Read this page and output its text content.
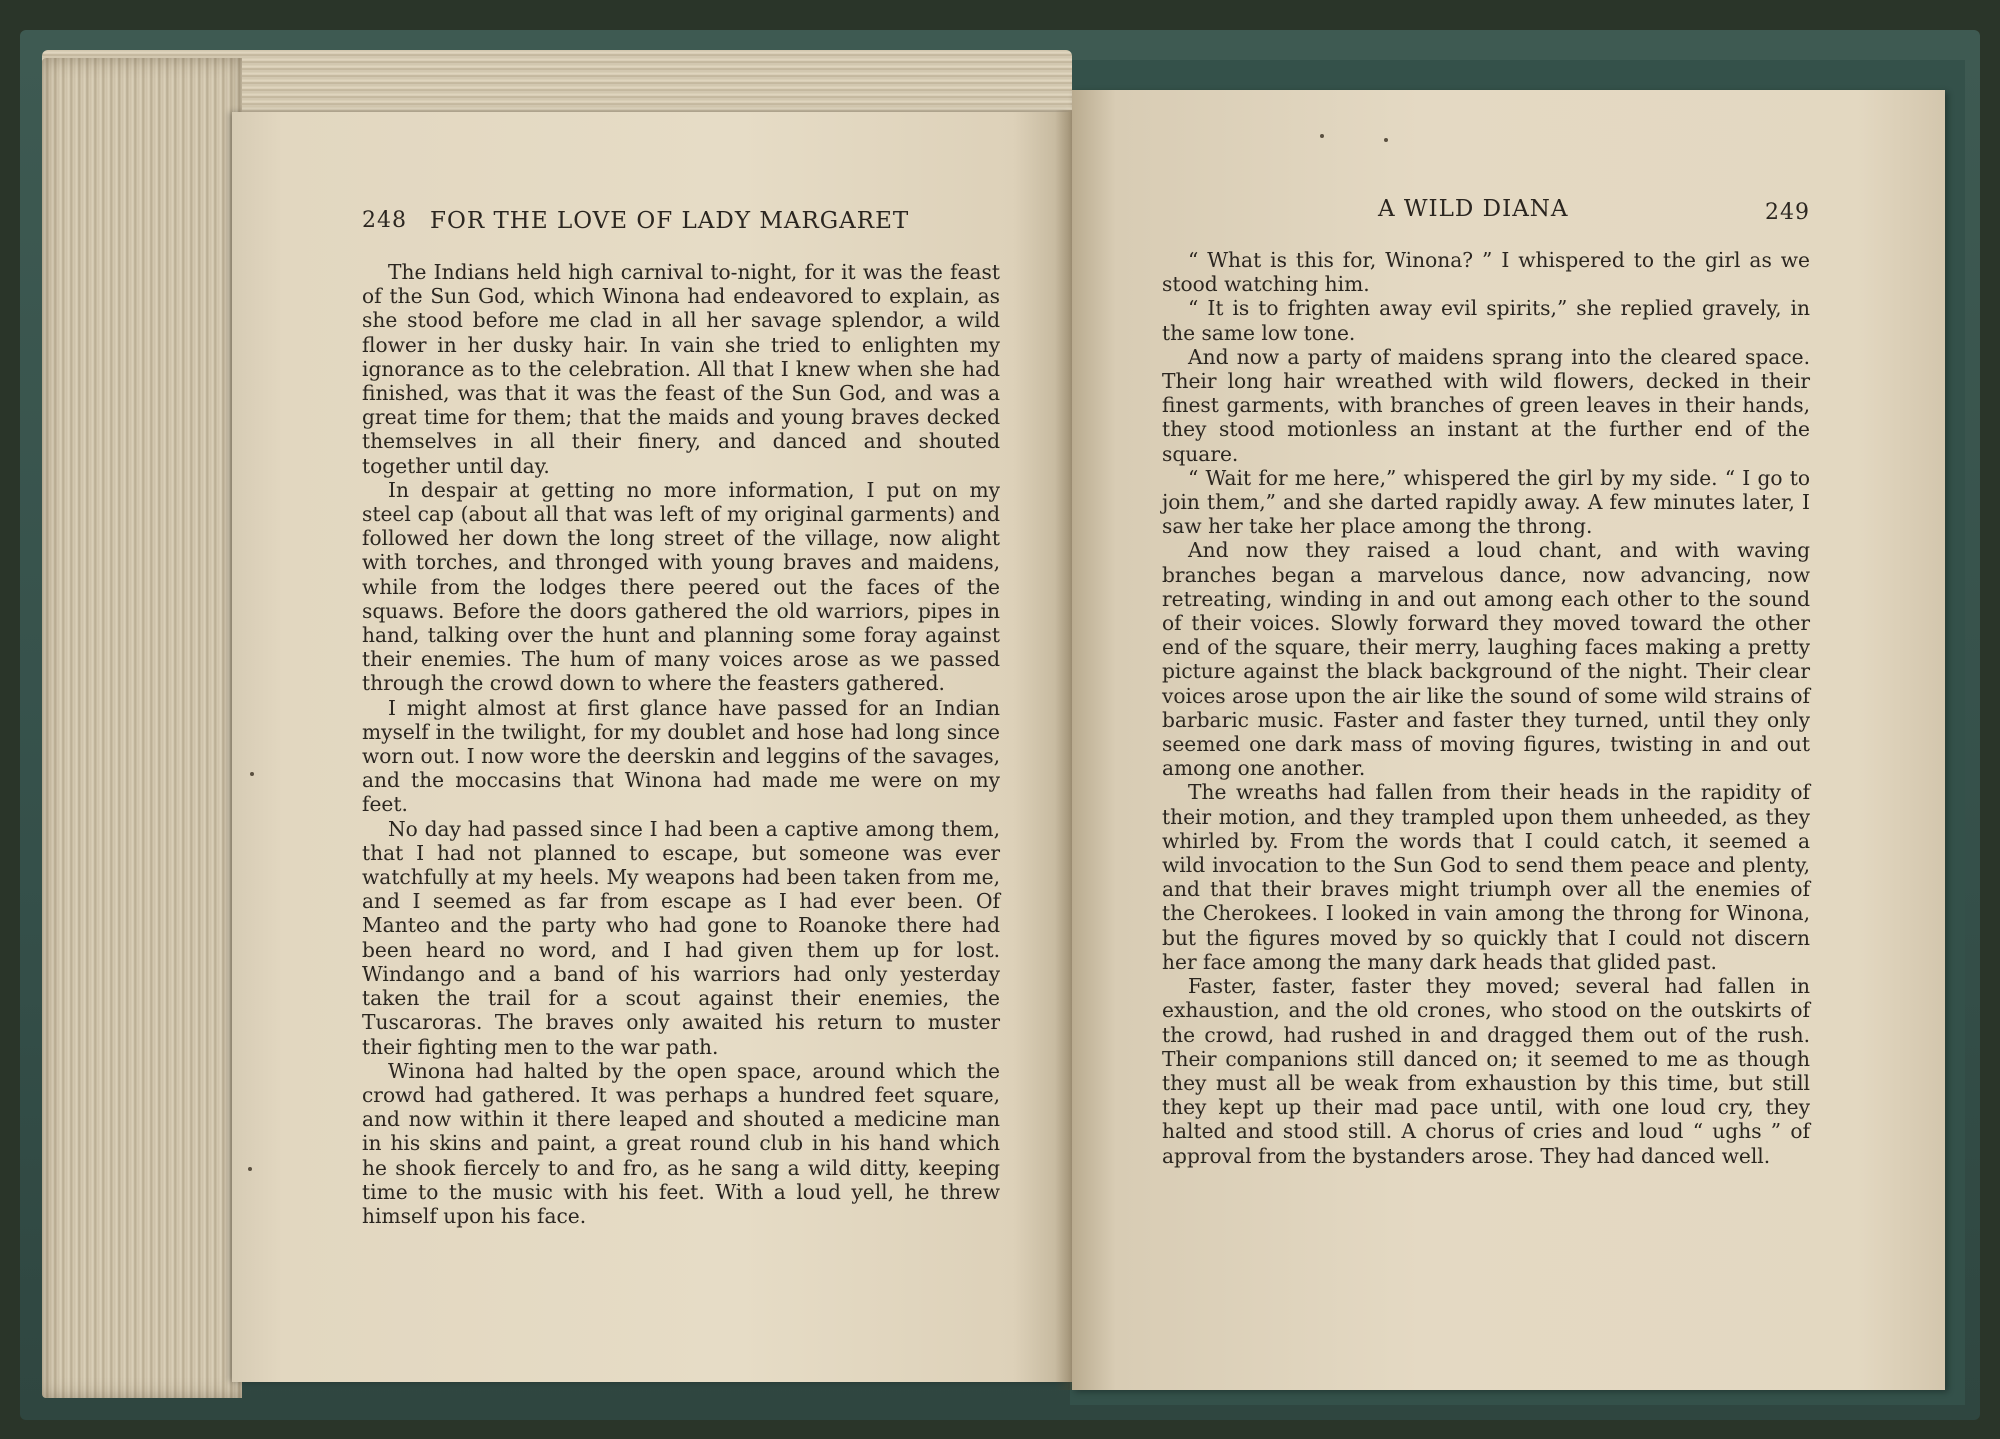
248 FOR THE LOVE OF LADY MARGARET

The Indians held high carnival to-night, for it was the feast of the Sun God, which Winona had endeavored to explain, as she stood before me clad in all her savage splendor, a wild flower in her dusky hair. In vain she tried to enlighten my ignorance as to the celebration. All that I knew when she had finished, was that it was the feast of the Sun God, and was a great time for them; that the maids and young braves decked themselves in all their finery, and danced and shouted together until day.

In despair at getting no more information, I put on my steel cap (about all that was left of my original garments) and followed her down the long street of the village, now alight with torches, and thronged with young braves and maidens, while from the lodges there peered out the faces of the squaws. Before the doors gathered the old warriors, pipes in hand, talking over the hunt and planning some foray against their enemies. The hum of many voices arose as we passed through the crowd down to where the feasters gathered.

I might almost at first glance have passed for an Indian myself in the twilight, for my doublet and hose had long since worn out. I now wore the deerskin and leggins of the savages, and the moccasins that Winona had made me were on my feet.

No day had passed since I had been a captive among them, that I had not planned to escape, but someone was ever watchfully at my heels. My weapons had been taken from me, and I seemed as far from escape as I had ever been. Of Manteo and the party who had gone to Roanoke there had been heard no word, and I had given them up for lost. Windango and a band of his warriors had only yesterday taken the trail for a scout against their enemies, the Tuscaroras. The braves only awaited his return to muster their fighting men to the war path.

Winona had halted by the open space, around which the crowd had gathered. It was perhaps a hundred feet square, and now within it there leaped and shouted a medicine man in his skins and paint, a great round club in his hand which he shook fiercely to and fro, as he sang a wild ditty, keeping time to the music with his feet. With a loud yell, he threw himself upon his face.

A WILD DIANA	249

“ What is this for, Winona? ” I whispered to the girl as we stood watching him.

“ It is to frighten away evil spirits,” she replied gravely, in the same low tone.

And now a party of maidens sprang into the cleared space. Their long hair wreathed with wild flowers, decked in their finest garments, with branches of green leaves in their hands, they stood motionless an instant at the further end of the square.

“ Wait for me here,” whispered the girl by my side. “ I go to join them,” and she darted rapidly away. A few minutes later, I saw her take her place among the throng.

And now they raised a loud chant, and with waving branches began a marvelous dance, now advancing, now retreating, winding in and out among each other to the sound of their voices. Slowly forward they moved toward the other end of the square, their merry, laughing faces making a pretty picture against the black background of the night. Their clear voices arose upon the air like the sound of some wild strains of barbaric music. Faster and faster they turned, until they only seemed one dark mass of moving figures, twisting in and out among one another.

The wreaths had fallen from their heads in the rapidity of their motion, and they trampled upon them unheeded, as they whirled by. From the words that I could catch, it seemed a wild invocation to the Sun God to send them peace and plenty, and that their braves might triumph over all the enemies of the Cherokees. I looked in vain among the throng for Winona, but the figures moved by so quickly that I could not discern her face among the many dark heads that glided past.

Faster, faster, faster they moved; several had fallen in exhaustion, and the old crones, who stood on the outskirts of the crowd, had rushed in and dragged them out of the rush. Their companions still danced on; it seemed to me as though they must all be weak from exhaustion by this time, but still they kept up their mad pace until, with one loud cry, they halted and stood still. A chorus of cries and loud “ ughs ” of approval from the bystanders arose. They had danced well.
